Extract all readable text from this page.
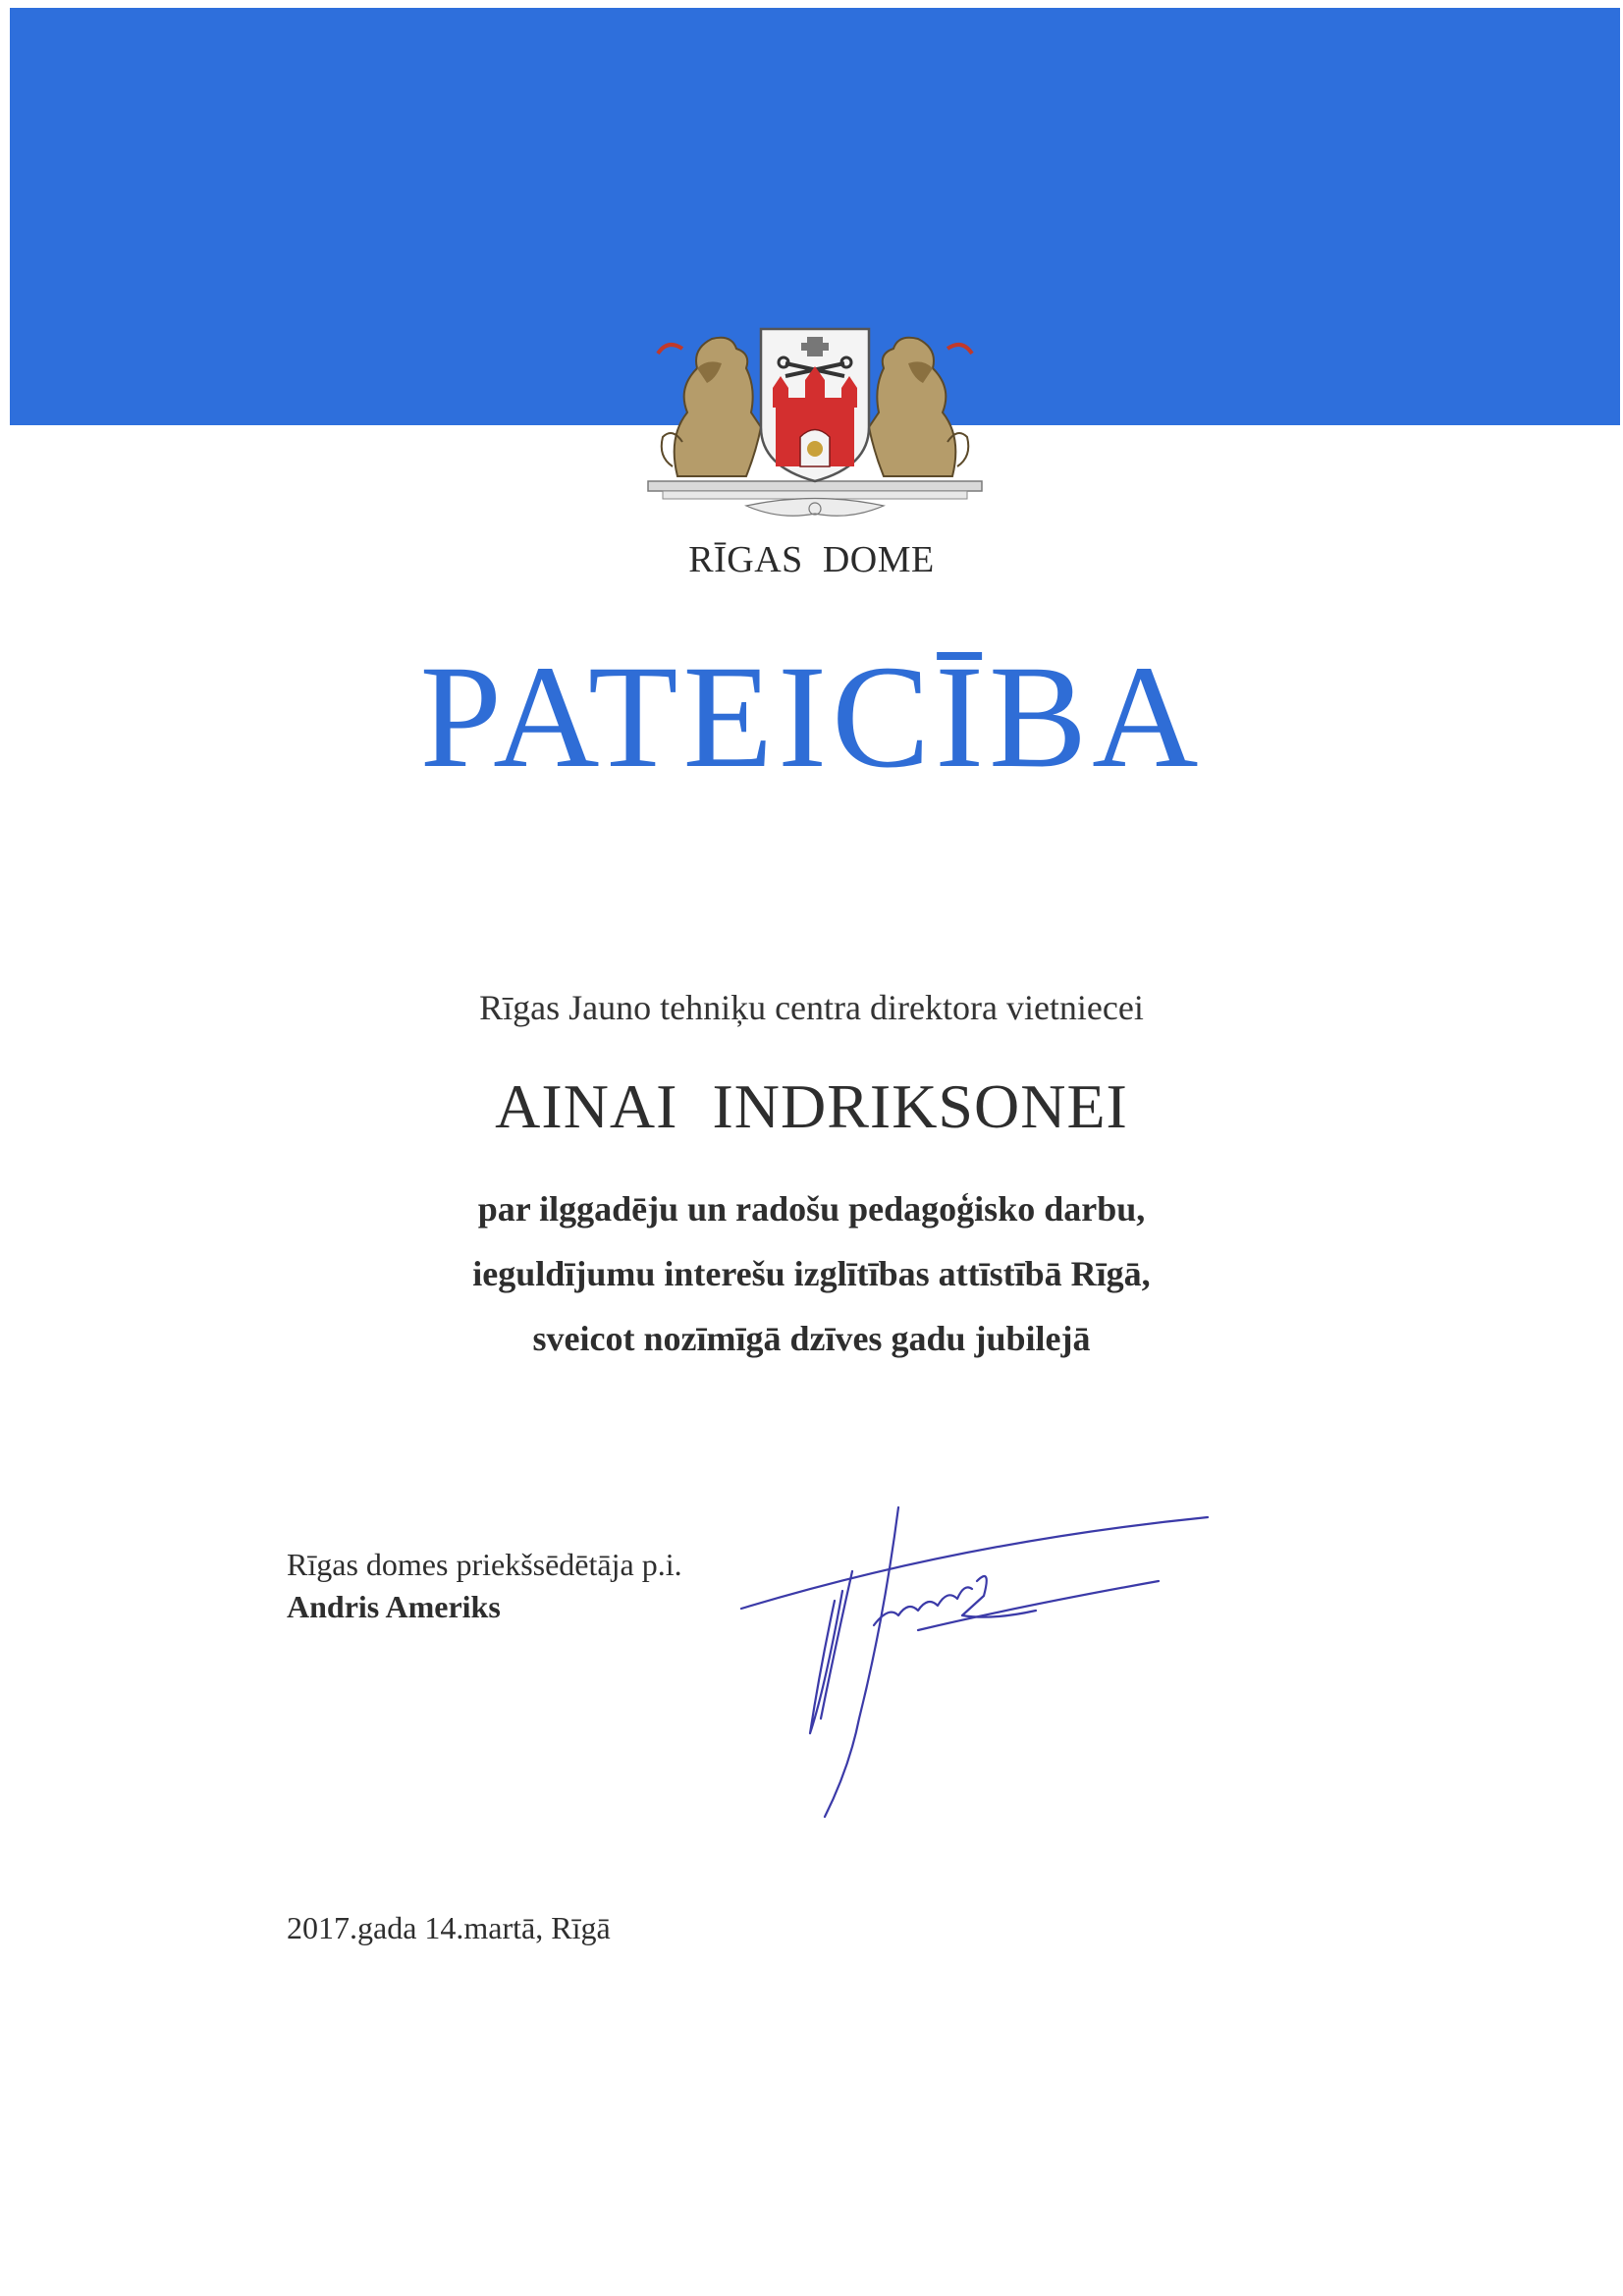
RĪGAS DOME
PATEICĪBA
Rīgas Jauno tehniķu centra direktora vietniecei
AINAI INDRIKSONEI
par ilggadēju un radošu pedagoģisko darbu,
ieguldījumu interešu izglītības attīstībā Rīgā,
sveicot nozīmīgā dzīves gadu jubilejā
Rīgas domes priekšsēdētāja p.i.
Andris Ameriks
2017.gada 14.martā, Rīgā
